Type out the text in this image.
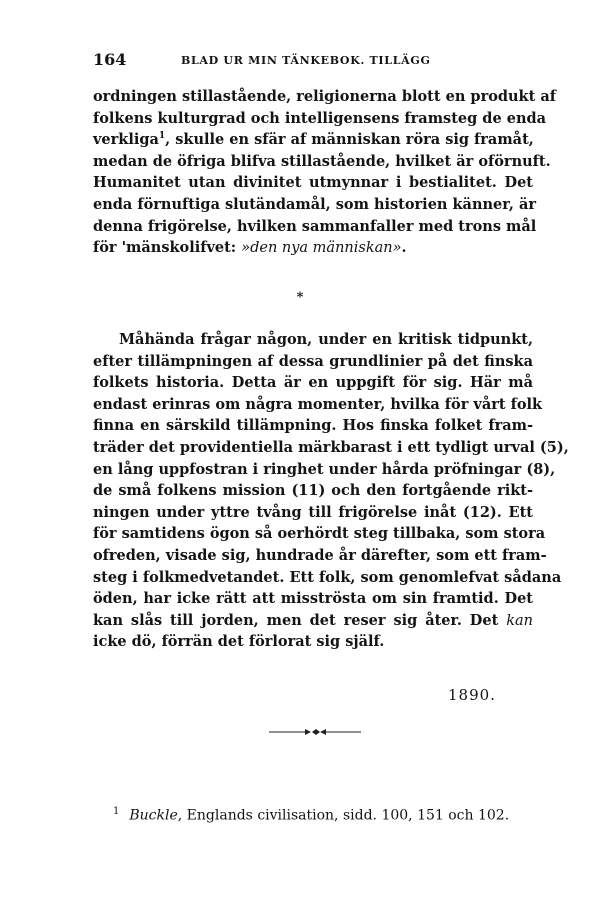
164	BLAD UR MIN TÄNKEBOK. TILLÄGG
ordningen stillastående, religionerna blott en produkt af
folkens kulturgrad och intelligensens framsteg de enda
verkliga$^1$, skulle en sfär af människan röra sig framåt,
medan de öfriga blifva stillastående, hvilket är oförnuft.
Humanitet utan divinitet utmynnar i bestialitet. Det
enda förnuftiga slutändamål, som historien känner, är
denna frigörelse, hvilken sammanfaller med trons mål
för 'mänskolifvet: »den nya människan».
*
Måhända frågar någon, under en kritisk tidpunkt,
efter tillämpningen af dessa grundlinier på det finska
folkets historia. Detta är en uppgift för sig. Här må
endast erinras om några momenter, hvilka för vårt folk
finna en särskild tillämpning. Hos finska folket fram-
träder det providentiella märkbarast i ett tydligt urval (5),
en lång uppfostran i ringhet under hårda pröfningar (8),
de små folkens mission (11) och den fortgående rikt-
ningen under yttre tvång till frigörelse inåt (12). Ett
för samtidens ögon så oerhördt steg tillbaka, som stora
ofreden, visade sig, hundrade år därefter, som ett fram-
steg i folkmedvetandet. Ett folk, som genomlefvat sådana
öden, har icke rätt att misströsta om sin framtid. Det
kan slås till jorden, men det reser sig åter. Det kan
icke dö, förrän det förlorat sig själf.
1890.
$^1$ Buckle, Englands civilisation, sidd. 100, 151 och 102.
